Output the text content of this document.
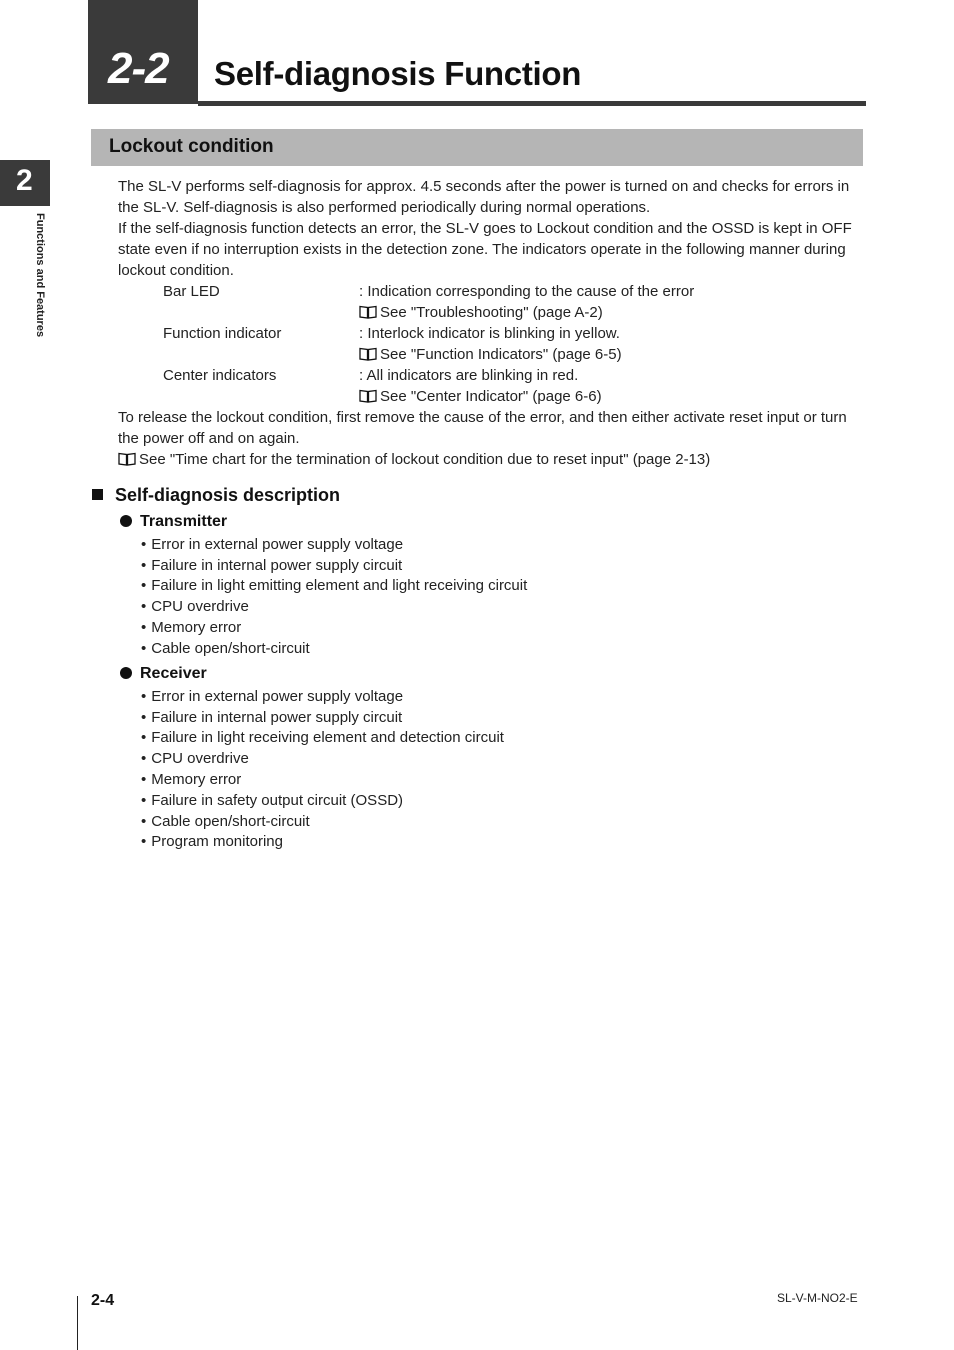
2-2 Self-diagnosis Function
2
Functions and Features
Lockout condition

The SL-V performs self-diagnosis for approx. 4.5 seconds after the power is turned on and checks for errors in the SL-V. Self-diagnosis is also performed periodically during normal operations.

If the self-diagnosis function detects an error, the SL-V goes to Lockout condition and the OSSD is kept in OFF state even if no interruption exists in the detection zone. The indicators operate in the following manner during lockout condition.

Bar LED	: Indication corresponding to the cause of the error
	See "Troubleshooting" (page A-2)
Function indicator	: Interlock indicator is blinking in yellow.
	See "Function Indicators" (page 6-5)
Center indicators	: All indicators are blinking in red.
	See "Center Indicator" (page 6-6)

To release the lockout condition, first remove the cause of the error, and then either activate reset input or turn the power off and on again.

See "Time chart for the termination of lockout condition due to reset input" (page 2-13)

Self-diagnosis description
Transmitter
• Error in external power supply voltage
• Failure in internal power supply circuit
• Failure in light emitting element and light receiving circuit
• CPU overdrive
• Memory error
• Cable open/short-circuit
Receiver
• Error in external power supply voltage
• Failure in internal power supply circuit
• Failure in light receiving element and detection circuit
• CPU overdrive
• Memory error
• Failure in safety output circuit (OSSD)
• Cable open/short-circuit
• Program monitoring
2-4	SL-V-M-NO2-E
